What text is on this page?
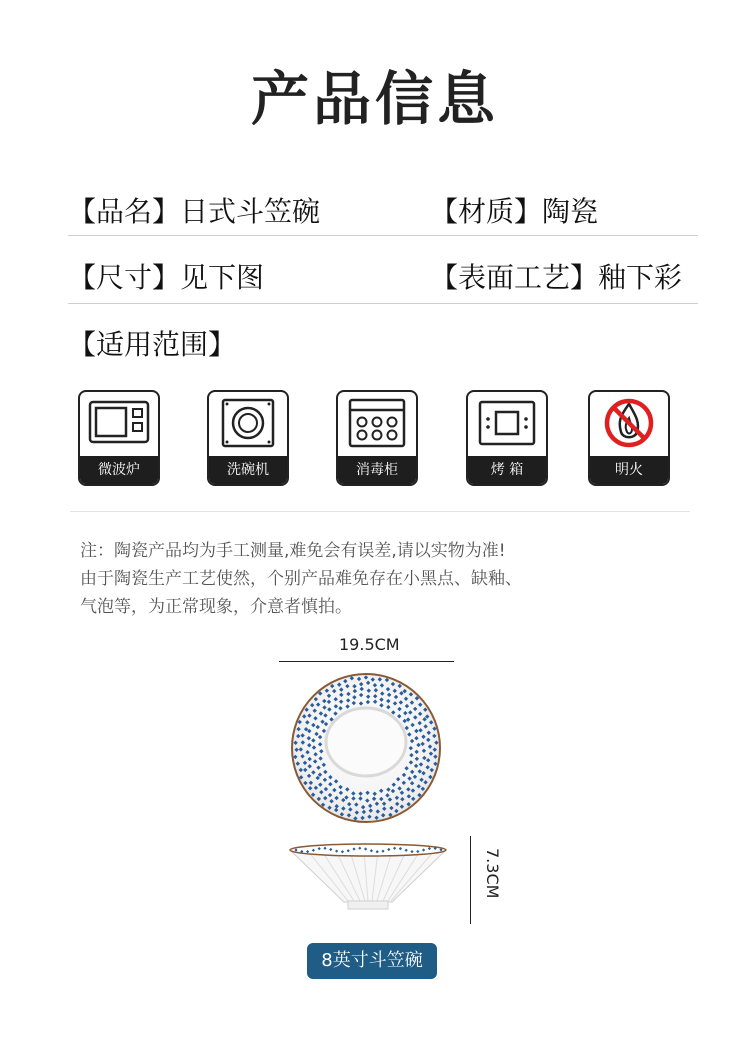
产品信息
【品名】日式斗笠碗	【材质】陶瓷
【尺寸】见下图	【表面工艺】釉下彩
【适用范围】
微波炉	洗碗机	消毒柜	烤 箱	明火
注：陶瓷产品均为手工测量,难免会有误差,请以实物为准!
由于陶瓷生产工艺使然，个别产品难免存在小黑点、缺釉、
气泡等，为正常现象，介意者慎拍。
19.5CM
7.3CM
8英寸斗笠碗
